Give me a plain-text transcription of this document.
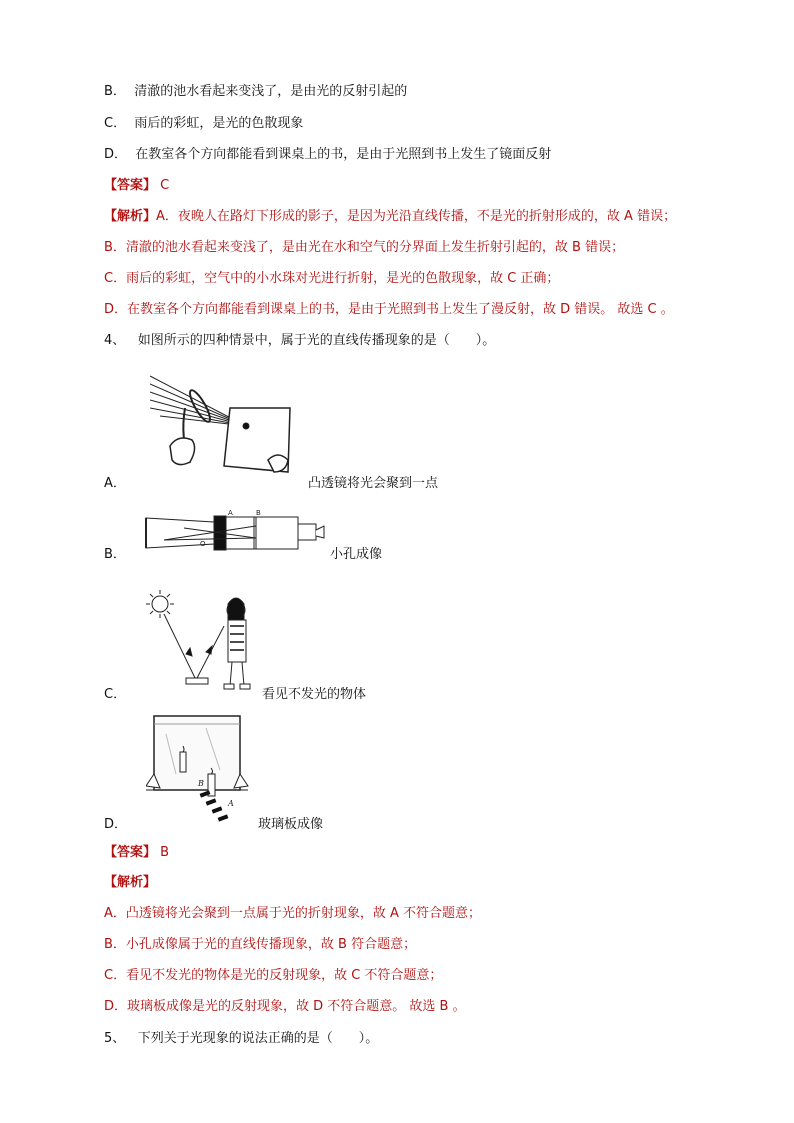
B． 清澈的池水看起来变浅了，是由光的反射引起的
C． 雨后的彩虹，是光的色散现象
D． 在教室各个方向都能看到课桌上的书，是由于光照到书上发生了镜面反射
【答案】 C
【解析】A．夜晚人在路灯下形成的影子，是因为光沿直线传播，不是光的折射形成的，故 A 错误；
B．清澈的池水看起来变浅了，是由光在水和空气的分界面上发生折射引起的，故 B 错误；
C．雨后的彩虹，空气中的小水珠对光进行折射，是光的色散现象，故 C 正确；
D．在教室各个方向都能看到课桌上的书，是由于光照到书上发生了漫反射，故 D 错误。 故选 C 。
4、 如图所示的四种情景中，属于光的直线传播现象的是（　　）。
A．	凸透镜将光会聚到一点
A	B
O
B．	小孔成像
C．	看见不发光的物体
B
A
D．	玻璃板成像
【答案】 B
【解析】
A．凸透镜将光会聚到一点属于光的折射现象，故 A 不符合题意；
B．小孔成像属于光的直线传播现象，故 B 符合题意；
C．看见不发光的物体是光的反射现象，故 C 不符合题意；
D．玻璃板成像是光的反射现象，故 D 不符合题意。 故选 B 。
5、 下列关于光现象的说法正确的是（　　）。
